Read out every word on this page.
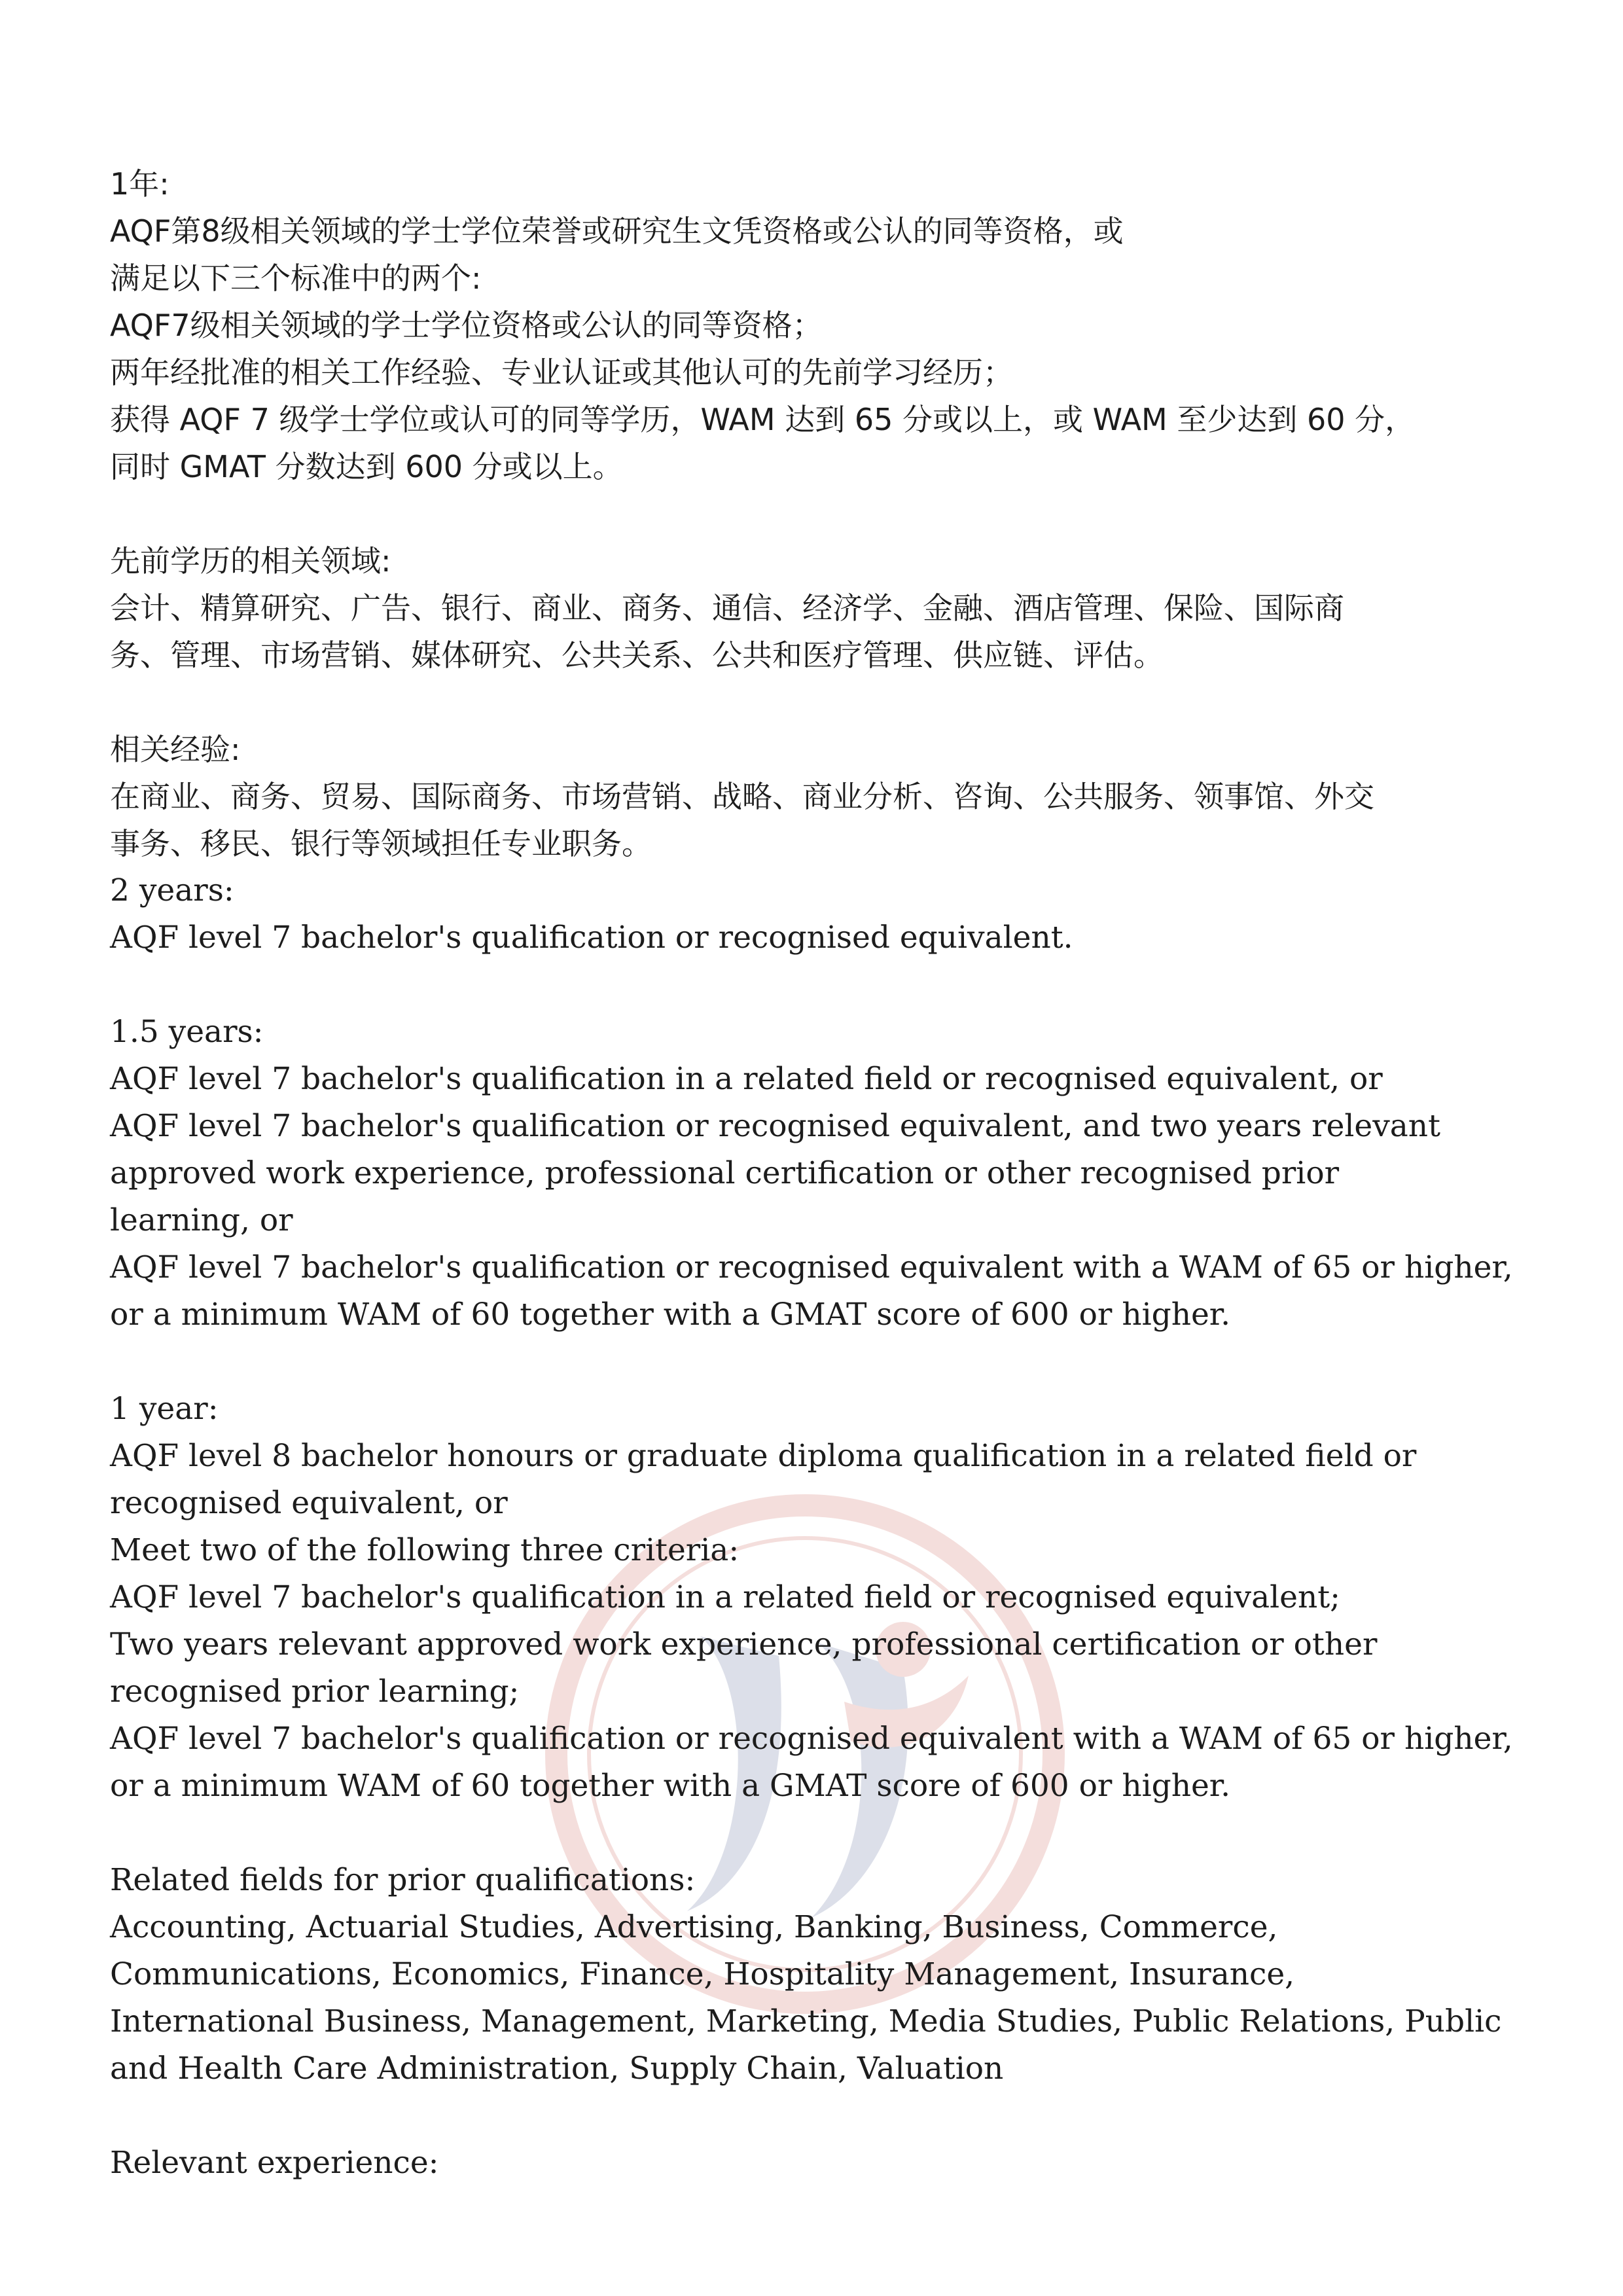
1年:

AQF第8级相关领域的学士学位荣誉或研究生文凭资格或公认的同等资格，或

满足以下三个标准中的两个:

AQF7级相关领域的学士学位资格或公认的同等资格；

两年经批准的相关工作经验、专业认证或其他认可的先前学习经历；

获得 AQF 7 级学士学位或认可的同等学历，WAM 达到 65 分或以上，或 WAM 至少达到 60 分，

同时 GMAT 分数达到 600 分或以上。

先前学历的相关领域:

会计、精算研究、广告、银行、商业、商务、通信、经济学、金融、酒店管理、保险、国际商

务、管理、市场营销、媒体研究、公共关系、公共和医疗管理、供应链、评估。

相关经验:

在商业、商务、贸易、国际商务、市场营销、战略、商业分析、咨询、公共服务、领事馆、外交

事务、移民、银行等领域担任专业职务。

2 years:

AQF level 7 bachelor's qualification or recognised equivalent.

1.5 years:

AQF level 7 bachelor's qualification in a related field or recognised equivalent, or

AQF level 7 bachelor's qualification or recognised equivalent, and two years relevant

approved work experience, professional certification or other recognised prior

learning, or

AQF level 7 bachelor's qualification or recognised equivalent with a WAM of 65 or higher,

or a minimum WAM of 60 together with a GMAT score of 600 or higher.

1 year:

AQF level 8 bachelor honours or graduate diploma qualification in a related field or

recognised equivalent, or

Meet two of the following three criteria:

AQF level 7 bachelor's qualification in a related field or recognised equivalent;

Two years relevant approved work experience, professional certification or other

recognised prior learning;

AQF level 7 bachelor's qualification or recognised equivalent with a WAM of 65 or higher,

or a minimum WAM of 60 together with a GMAT score of 600 or higher.

Related fields for prior qualifications:

Accounting, Actuarial Studies, Advertising, Banking, Business, Commerce,

Communications, Economics, Finance, Hospitality Management, Insurance,

International Business, Management, Marketing, Media Studies, Public Relations, Public

and Health Care Administration, Supply Chain, Valuation

Relevant experience:
